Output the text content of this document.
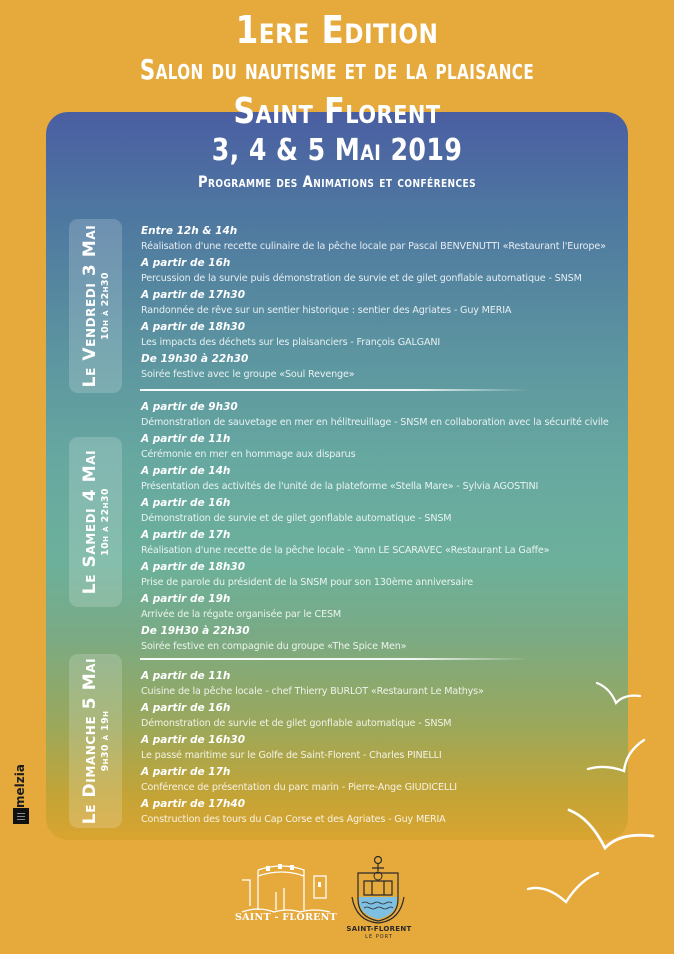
1ere Edition
Salon du nautisme et de la plaisance
Saint Florent
3, 4 & 5 Mai 2019
Programme des Animations et conférences
Le Vendredi 3 Mai 10h à 22h30
Entre 12h & 14h
Réalisation d'une recette culinaire de la pêche locale par Pascal BENVENUTTI «Restaurant l'Europe»
A partir de 16h
Percussion de la survie puis démonstration de survie et de gilet gonflable automatique - SNSM
A partir de 17h30
Randonnée de rêve sur un sentier historique : sentier des Agriates - Guy MERIA
A partir de 18h30
Les impacts des déchets sur les plaisanciers - François GALGANI
De 19h30 à 22h30
Soirée festive avec le groupe «Soul Revenge»
Le Samedi 4 Mai 10h à 22h30
A partir de 9h30
Démonstration de sauvetage en mer en hélitreuillage - SNSM en collaboration avec la sécurité civile
A partir de 11h
Cérémonie en mer en hommage aux disparus
A partir de 14h
Présentation des activités de l'unité de la plateforme «Stella Mare» - Sylvia AGOSTINI
A partir de 16h
Démonstration de survie et de gilet gonflable automatique - SNSM
A partir de 17h
Réalisation d'une recette de la pêche locale - Yann LE SCARAVEC «Restaurant La Gaffe»
A partir de 18h30
Prise de parole du président de la SNSM pour son 130ème anniversaire
A partir de 19h
Arrivée de la régate organisée par le CESM
De 19H30 à 22h30
Soirée festive en compagnie du groupe «The Spice Men»
Le Dimanche 5 Mai 9h30 à 19h
A partir de 11h
Cuisine de la pêche locale - chef Thierry BURLOT «Restaurant Le Mathys»
A partir de 16h
Démonstration de survie et de gilet gonflable automatique - SNSM
A partir de 16h30
Le passé maritime sur le Golfe de Saint-Florent - Charles PINELLI
A partir de 17h
Conférence de présentation du parc marin - Pierre-Ange GIUDICELLI
A partir de 17h40
Construction des tours du Cap Corse et des Agriates - Guy MERIA
SAINT - FLORENT
SAINT-FLORENT
LE PORT
melzia
